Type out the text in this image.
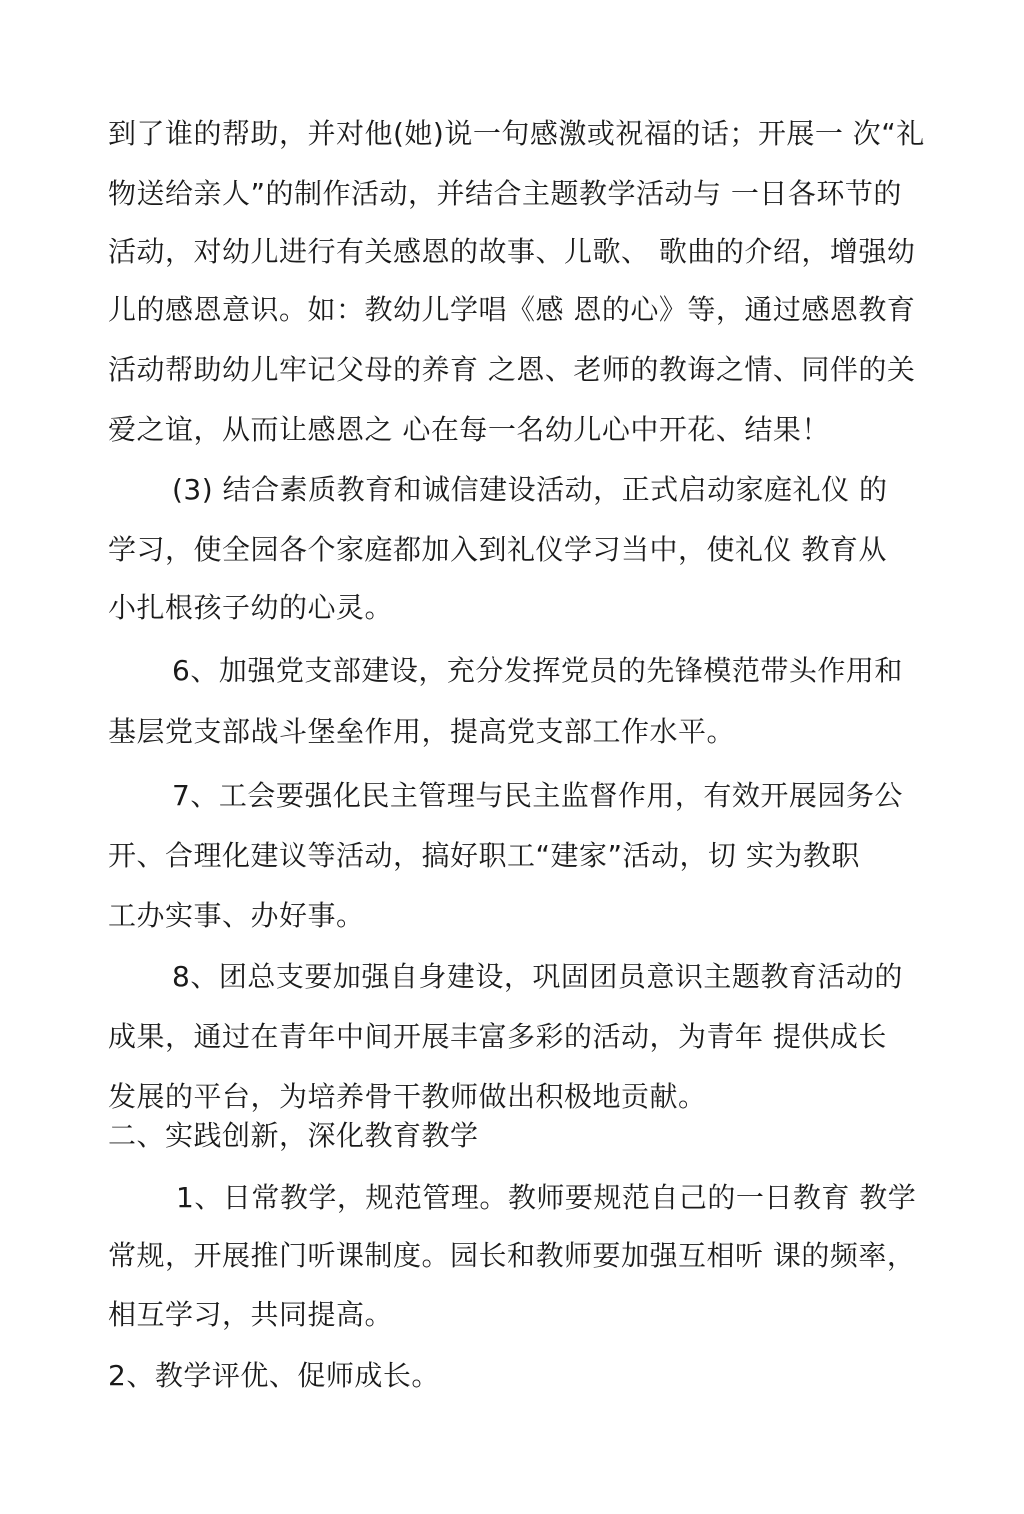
到了谁的帮助，并对他(她)说一句感激或祝福的话；开展一 次“礼
物送给亲人”的制作活动，并结合主题教学活动与 一日各环节的
活动，对幼儿进行有关感恩的故事、儿歌、 歌曲的介绍，增强幼
儿的感恩意识。如：教幼儿学唱《感 恩的心》等，通过感恩教育
活动帮助幼儿牢记父母的养育 之恩、老师的教诲之情、同伴的关
爱之谊，从而让感恩之 心在每一名幼儿心中开花、结果！
(3) 结合素质教育和诚信建设活动，正式启动家庭礼仪 的
学习，使全园各个家庭都加入到礼仪学习当中，使礼仪 教育从
小扎根孩子幼的心灵。
6、加强党支部建设，充分发挥党员的先锋模范带头作用和
基层党支部战斗堡垒作用，提高党支部工作水平。
7、工会要强化民主管理与民主监督作用，有效开展园务公
开、合理化建议等活动，搞好职工“建家”活动，切 实为教职
工办实事、办好事。
8、团总支要加强自身建设，巩固团员意识主题教育活动的
成果，通过在青年中间开展丰富多彩的活动，为青年 提供成长
发展的平台，为培养骨干教师做出积极地贡献。
二、实践创新，深化教育教学
1、日常教学，规范管理。教师要规范自己的一日教育 教学
常规，开展推门听课制度。园长和教师要加强互相听 课的频率，
相互学习，共同提高。
2、教学评优、促师成长。
